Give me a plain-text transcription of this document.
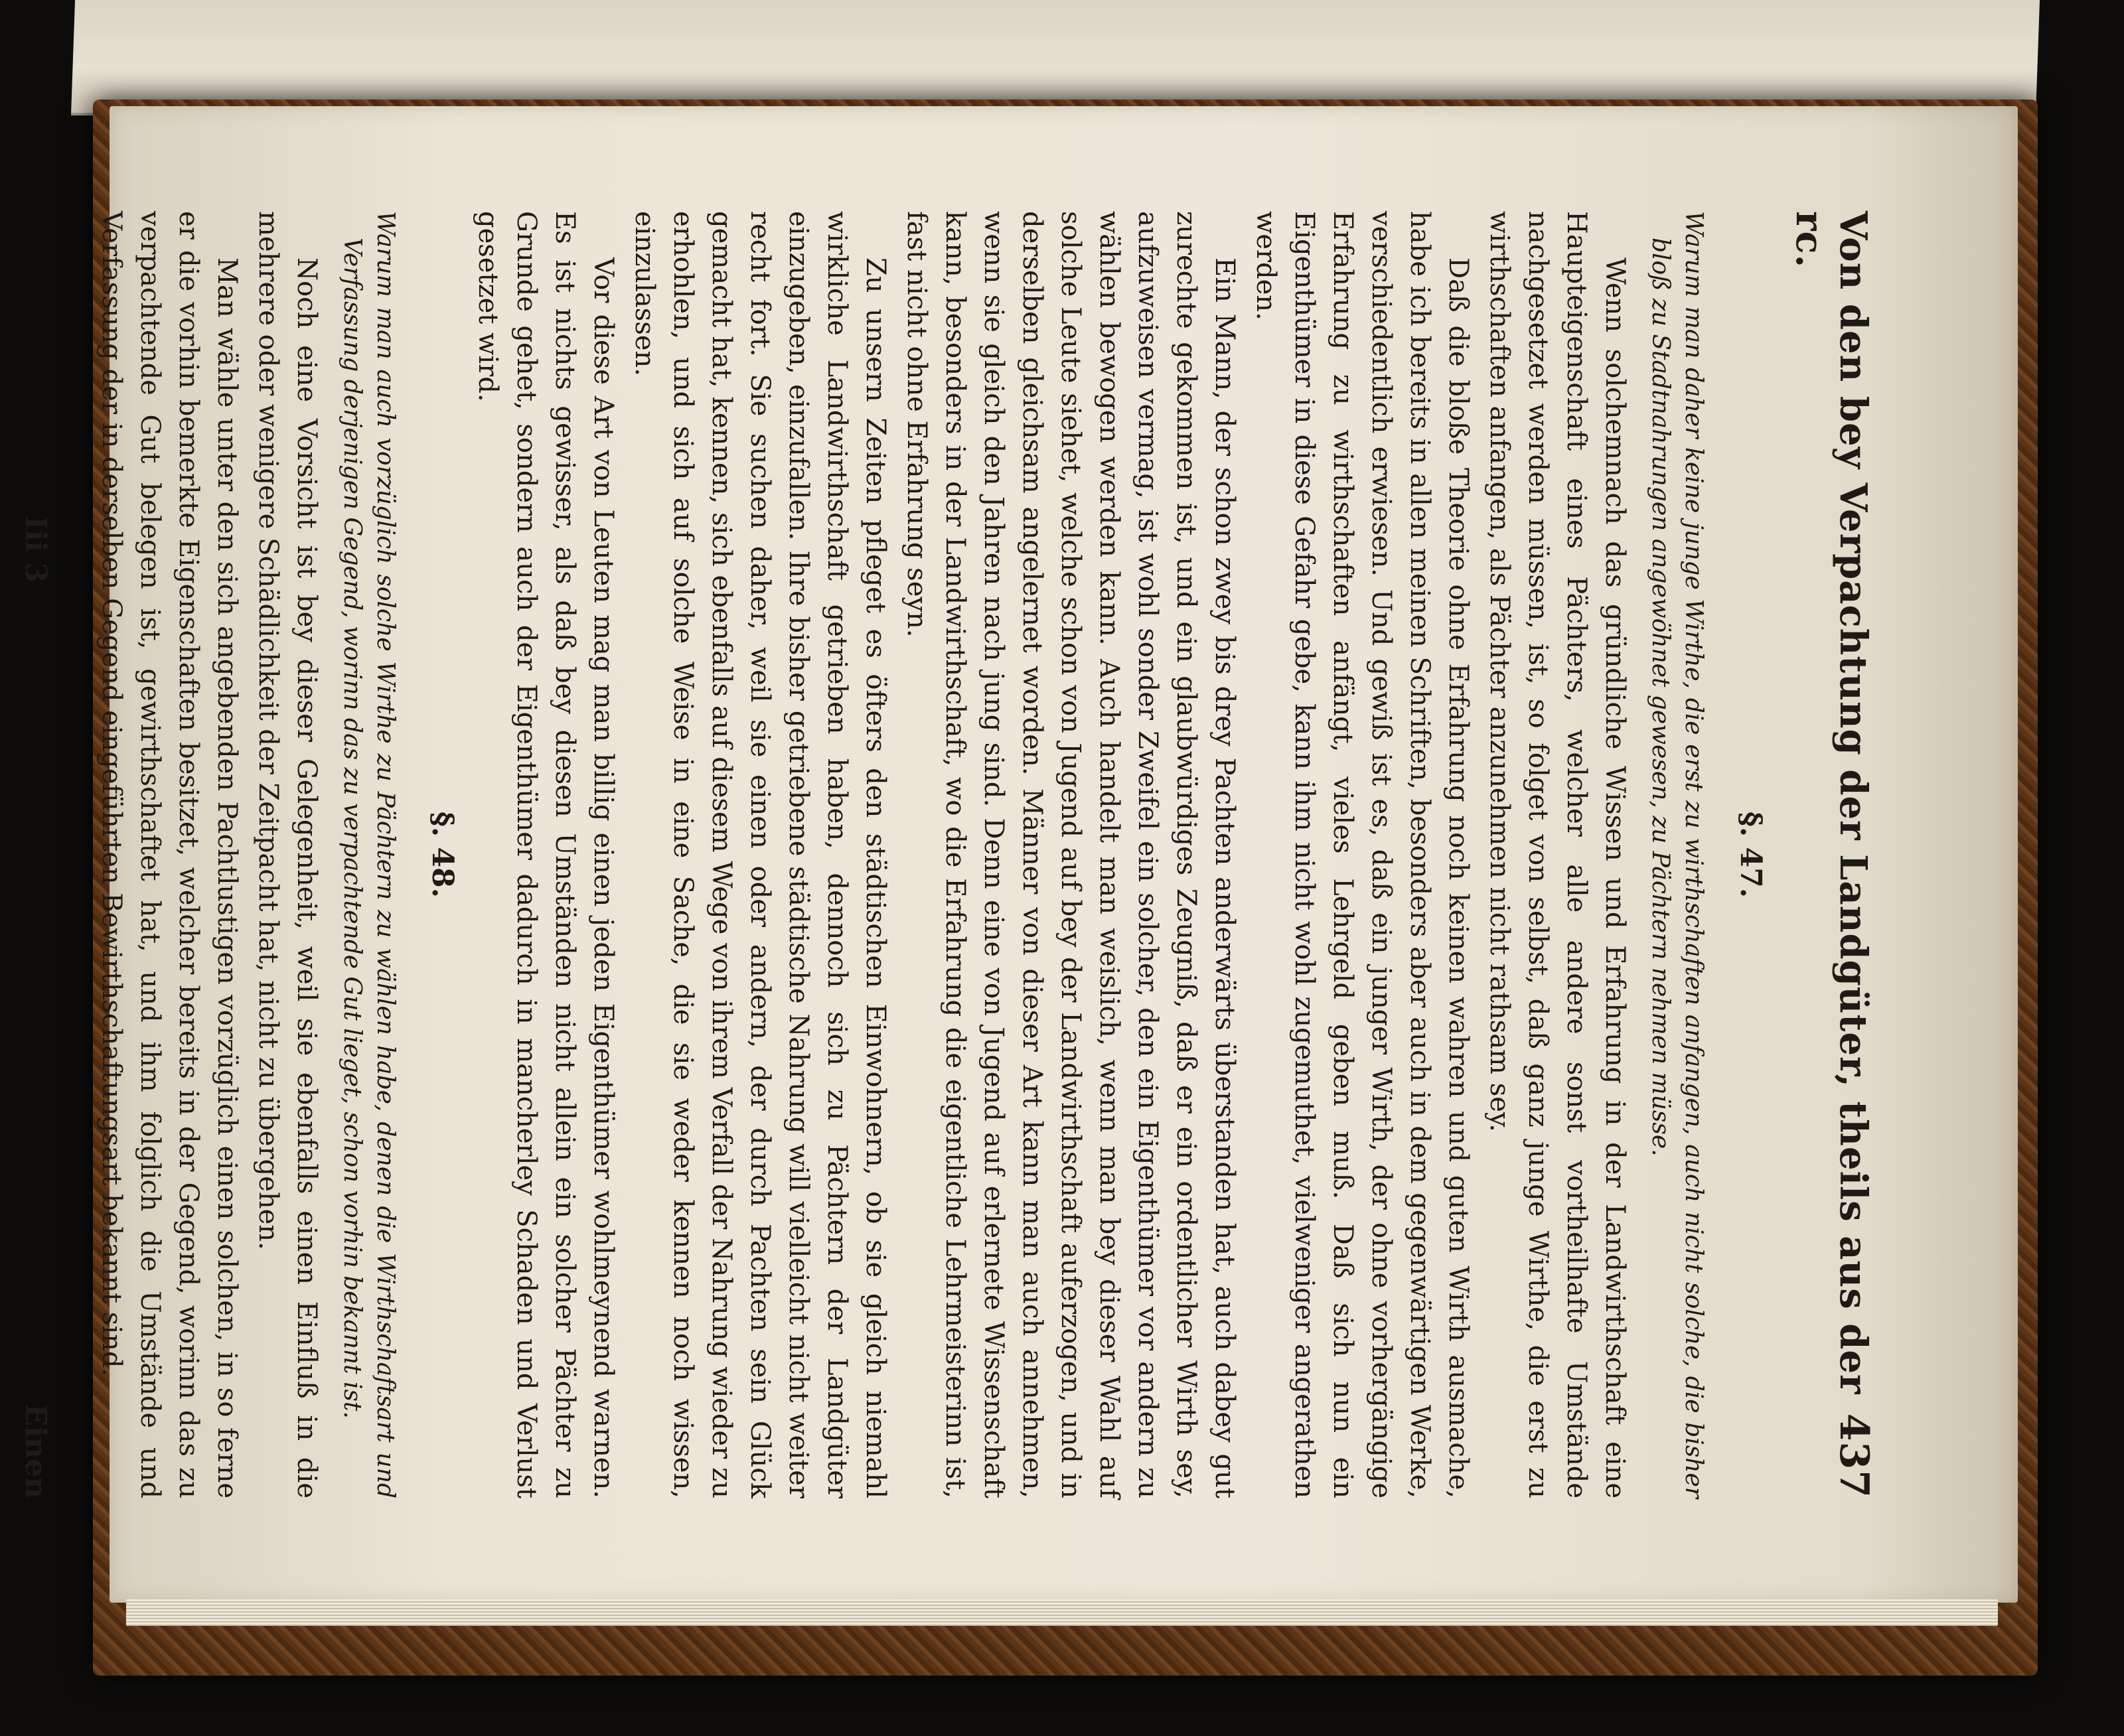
Von den bey Verpachtung der Landgüter, theils aus der rc.
437
§. 47.

Warum man daher keine junge Wirthe, die erst zu wirthschaften anfangen, auch nicht solche, die bisher bloß zu Stadtnahrungen angewöhnet gewesen, zu Pächtern nehmen müsse.

Wenn solchemnach das gründliche Wissen und Erfahrung in der Landwirthschaft eine Haupteigenschaft eines Pächters, welcher alle andere sonst vortheilhafte Umstände nachgesetzet werden müssen, ist, so folget von selbst, daß ganz junge Wirthe, die erst zu wirthschaften anfangen, als Pächter anzunehmen nicht rathsam sey.

Daß die bloße Theorie ohne Erfahrung noch keinen wahren und guten Wirth ausmache, habe ich bereits in allen meinen Schriften, besonders aber auch in dem gegenwärtigen Werke, verschiedentlich erwiesen. Und gewiß ist es, daß ein junger Wirth, der ohne vorhergängige Erfahrung zu wirthschaften anfängt, vieles Lehrgeld geben muß. Daß sich nun ein Eigenthümer in diese Gefahr gebe, kann ihm nicht wohl zugemuthet, vielweniger angerathen werden.

Ein Mann, der schon zwey bis drey Pachten anderwärts überstanden hat, auch dabey gut zurechte gekommen ist, und ein glaubwürdiges Zeugniß, daß er ein ordentlicher Wirth sey, aufzuweisen vermag, ist wohl sonder Zweifel ein solcher, den ein Eigenthümer vor andern zu wählen bewogen werden kann. Auch handelt man weislich, wenn man bey dieser Wahl auf solche Leute siehet, welche schon von Jugend auf bey der Landwirthschaft auferzogen, und in derselben gleichsam angelernet worden. Männer von dieser Art kann man auch annehmen, wenn sie gleich den Jahren nach jung sind. Denn eine von Jugend auf erlernete Wissenschaft kann, besonders in der Landwirthschaft, wo die Erfahrung die eigentliche Lehrmeisterinn ist, fast nicht ohne Erfahrung seyn.

Zu unsern Zeiten pfleget es öfters den städtischen Einwohnern, ob sie gleich niemahl wirkliche Landwirthschaft getrieben haben, dennoch sich zu Pächtern der Landgüter einzugeben, einzufallen. Ihre bisher getriebene städtische Nahrung will vielleicht nicht weiter recht fort. Sie suchen daher, weil sie einen oder andern, der durch Pachten sein Glück gemacht hat, kennen, sich ebenfalls auf diesem Wege von ihrem Verfall der Nahrung wieder zu erhohlen, und sich auf solche Weise in eine Sache, die sie weder kennen noch wissen, einzulassen.

Vor diese Art von Leuten mag man billig einen jeden Eigenthümer wohlmeynend warnen. Es ist nichts gewisser, als daß bey diesen Umständen nicht allein ein solcher Pächter zu Grunde gehet, sondern auch der Eigenthümer dadurch in mancherley Schaden und Verlust gesetzet wird.

§. 48.

Warum man auch vorzüglich solche Wirthe zu Pächtern zu wählen habe, denen die Wirthschaftsart und Verfassung derjenigen Gegend, worinn das zu verpachtende Gut lieget, schon vorhin bekannt ist.

Noch eine Vorsicht ist bey dieser Gelegenheit, weil sie ebenfalls einen Einfluß in die mehrere oder wenigere Schädlichkeit der Zeitpacht hat, nicht zu übergehen.

Man wähle unter den sich angebenden Pachtlustigen vorzüglich einen solchen, in so ferne er die vorhin bemerkte Eigenschaften besitzet, welcher bereits in der Gegend, worinn das zu verpachtende Gut belegen ist, gewirthschaftet hat, und ihm folglich die Umstände und Verfassung der in derselben Gegend eingeführten Bewirthschaftungsart bekannt sind.

Iii 3
Einen
